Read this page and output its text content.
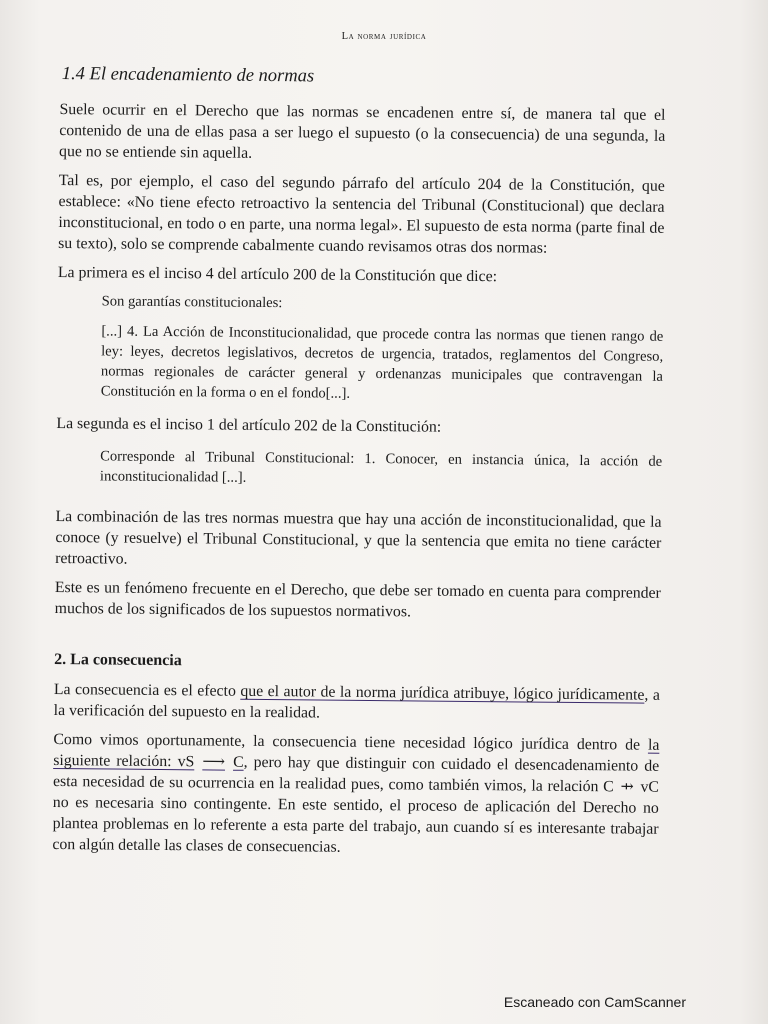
La norma jurídica
1.4 El encadenamiento de normas

Suele ocurrir en el Derecho que las normas se encadenen entre sí, de manera tal que el contenido de una de ellas pasa a ser luego el supuesto (o la consecuencia) de una segunda, la que no se entiende sin aquella.

Tal es, por ejemplo, el caso del segundo párrafo del artículo 204 de la Constitución, que establece: «No tiene efecto retroactivo la sentencia del Tribunal (Constitucional) que declara inconstitucional, en todo o en parte, una norma legal». El supuesto de esta norma (parte final de su texto), solo se comprende cabalmente cuando revisamos otras dos normas:

La primera es el inciso 4 del artículo 200 de la Constitución que dice:

Son garantías constitucionales:
[...] 4. La Acción de Inconstitucionalidad, que procede contra las normas que tienen rango de ley: leyes, decretos legislativos, decretos de urgencia, tratados, reglamentos del Congreso, normas regionales de carácter general y ordenanzas municipales que contravengan la Constitución en la forma o en el fondo[...].

La segunda es el inciso 1 del artículo 202 de la Constitución:

Corresponde al Tribunal Constitucional: 1. Conocer, en instancia única, la acción de inconstitucionalidad [...].

La combinación de las tres normas muestra que hay una acción de inconstitucionalidad, que la conoce (y resuelve) el Tribunal Constitucional, y que la sentencia que emita no tiene carácter retroactivo.

Este es un fenómeno frecuente en el Derecho, que debe ser tomado en cuenta para comprender muchos de los significados de los supuestos normativos.

2. La consecuencia

La consecuencia es el efecto que el autor de la norma jurídica atribuye, lógico jurídicamente, a la verificación del supuesto en la realidad.

Como vimos oportunamente, la consecuencia tiene necesidad lógico jurídica dentro de la siguiente relación: vS ⟶ C, pero hay que distinguir con cuidado el desencadenamiento de esta necesidad de su ocurrencia en la realidad pues, como también vimos, la relación C ⇸ vC no es necesaria sino contingente. En este sentido, el proceso de aplicación del Derecho no plantea problemas en lo referente a esta parte del trabajo, aun cuando sí es interesante trabajar con algún detalle las clases de consecuencias.

Escaneado con CamScanner
